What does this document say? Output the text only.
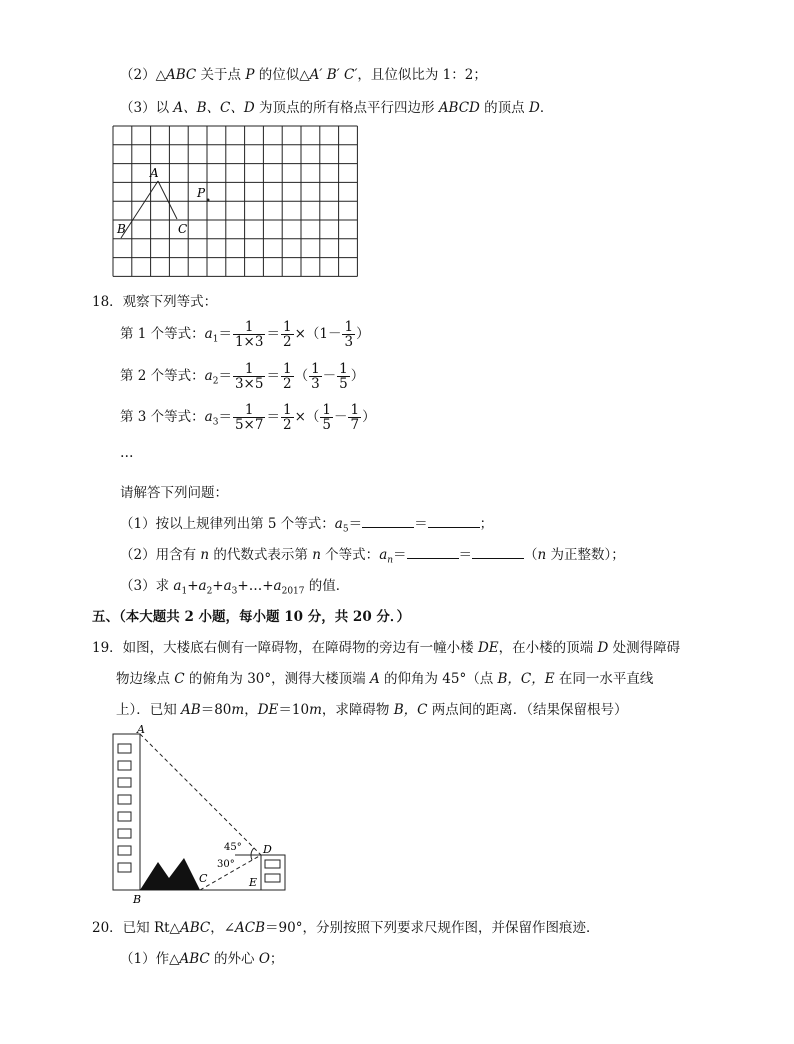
（2）△ABC 关于点 P 的位似△A′ B′ C′，且位似比为 1：2；
（3）以 A、B、C、D 为顶点的所有格点平行四边形 ABCD 的顶点 D．
A
B	C
P
18．观察下列等式：
第 1 个等式：$a_1= \frac{1}{1\times 3} = \frac{1}{2} \times(1- \frac{1}{3}$ ）
第 2 个等式：$a_2= \frac{1}{3\times 5} = \frac{1}{2}$ （ $\frac{1}{3} - \frac{1}{5}$ ）
第 3 个等式：$a_3= \frac{1}{5\times 7} = \frac{1}{2}$ ×（ $\frac{1}{5} - \frac{1}{7}$ ）
…
请解答下列问题：
（1）按以上规律列出第 5 个等式：$a_5=$	＝	；
（2）用含有 n 的代数式表示第 n 个等式：$a_n=$	＝	（n 为正整数）；
（3）求 $a_1+a_2+a_3+\dots+a_{2017}$ 的值．
五、（本大题共 2 小题，每小题 10 分，共 20 分．）
19．如图，大楼底右侧有一障碍物，在障碍物的旁边有一幢小楼 DE，在小楼的顶端 D 处测得障碍
物边缘点 C 的俯角为 30°，测得大楼顶端 A 的仰角为 45°（点 B，C，E 在同一水平直线
上）．已知 AB＝80m，DE＝10m，求障碍物 B，C 两点间的距离．（结果保留根号）
A
B
C
D
E
45°
30°
20．已知 Rt△ABC，∠ACB＝90°，分别按照下列要求尺规作图，并保留作图痕迹．
（1）作△ABC 的外心 O；
